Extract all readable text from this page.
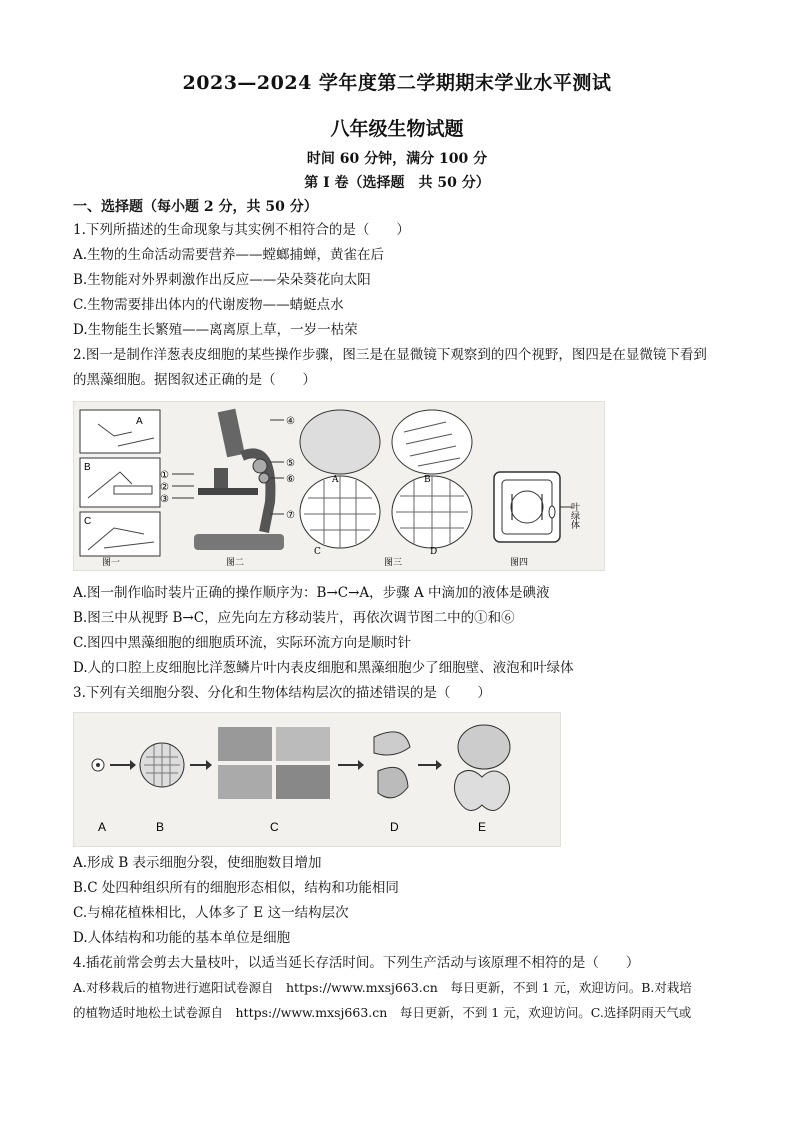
2023—2024 学年度第二学期期末学业水平测试
八年级生物试题
时间 60 分钟，满分 100 分
第 I 卷（选择题　共 50 分）
一、选择题（每小题 2 分，共 50 分）
1.下列所描述的生命现象与其实例不相符合的是（　　）
A.生物的生命活动需要营养——螳螂捕蝉，黄雀在后
B.生物能对外界刺激作出反应——朵朵葵花向太阳
C.生物需要排出体内的代谢废物——蜻蜓点水
D.生物能生长繁殖——离离原上草，一岁一枯荣
2.图一是制作洋葱表皮细胞的某些操作步骤，图三是在显微镜下观察到的四个视野，图四是在显微镜下看到
的黑藻细胞。据图叙述正确的是（　　）
A
B
C
图一
④
⑤
⑥
⑦
①
②
③
图二
A	B
C	D
图三
叶绿体
图四
A.图一制作临时装片正确的操作顺序为：B→C→A，步骤 A 中滴加的液体是碘液
B.图三中从视野 B→C，应先向左方移动装片，再依次调节图二中的①和⑥
C.图四中黑藻细胞的细胞质环流，实际环流方向是顺时针
D.人的口腔上皮细胞比洋葱鳞片叶内表皮细胞和黑藻细胞少了细胞壁、液泡和叶绿体
3.下列有关细胞分裂、分化和生物体结构层次的描述错误的是（　　）
A	B	C	D	E
A.形成 B 表示细胞分裂，使细胞数目增加
B.C 处四种组织所有的细胞形态相似，结构和功能相同
C.与棉花植株相比，人体多了 E 这一结构层次
D.人体结构和功能的基本单位是细胞
4.插花前常会剪去大量枝叶，以适当延长存活时间。下列生产活动与该原理不相符的是（　　）
A.对移栽后的植物进行遮阳试卷源自　https://www.mxsj663.cn　每日更新，不到 1 元，欢迎访问。B.对栽培
的植物适时地松土试卷源自　https://www.mxsj663.cn　每日更新，不到 1 元，欢迎访问。C.选择阴雨天气或
